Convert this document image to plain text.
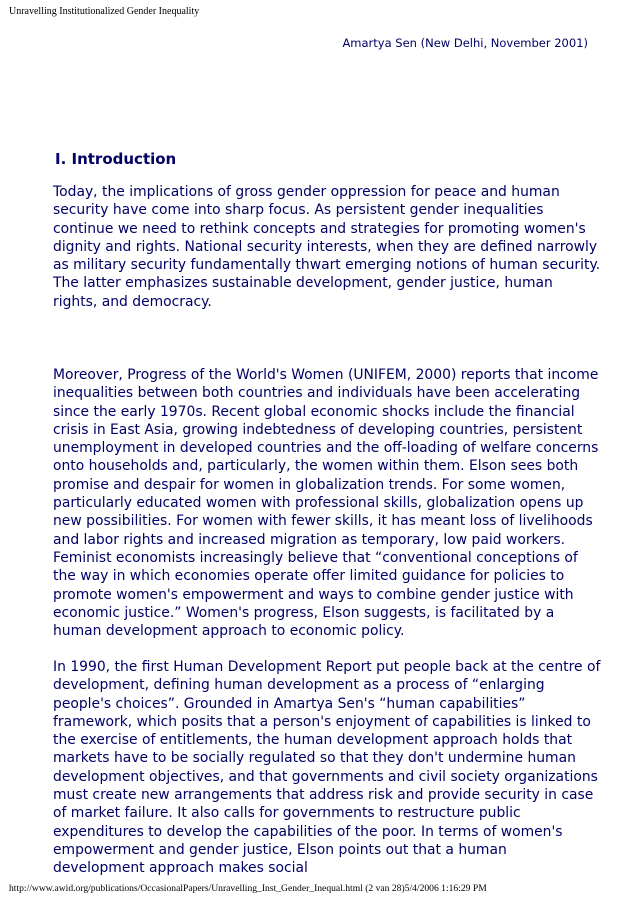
Unravelling Institutionalized Gender Inequality
Amartya Sen (New Delhi, November 2001)
I. Introduction

Today, the implications of gross gender oppression for peace and human security have come into sharp focus. As persistent gender inequalities continue we need to rethink concepts and strategies for promoting women's dignity and rights. National security interests, when they are defined narrowly as military security fundamentally thwart emerging notions of human security. The latter emphasizes sustainable development, gender justice, human rights, and democracy.

Moreover, Progress of the World's Women (UNIFEM, 2000) reports that income inequalities between both countries and individuals have been accelerating since the early 1970s. Recent global economic shocks include the financial crisis in East Asia, growing indebtedness of developing countries, persistent unemployment in developed countries and the off-loading of welfare concerns onto households and, particularly, the women within them. Elson sees both promise and despair for women in globalization trends. For some women, particularly educated women with professional skills, globalization opens up new possibilities. For women with fewer skills, it has meant loss of livelihoods and labor rights and increased migration as temporary, low paid workers. Feminist economists increasingly believe that “conventional conceptions of the way in which economies operate offer limited guidance for policies to promote women's empowerment and ways to combine gender justice with economic justice.” Women's progress, Elson suggests, is facilitated by a human development approach to economic policy.

In 1990, the first Human Development Report put people back at the centre of development, defining human development as a process of “enlarging people's choices”. Grounded in Amartya Sen's “human capabilities” framework, which posits that a person's enjoyment of capabilities is linked to the exercise of entitlements, the human development approach holds that markets have to be socially regulated so that they don't undermine human development objectives, and that governments and civil society organizations must create new arrangements that address risk and provide security in case of market failure. It also calls for governments to restructure public expenditures to develop the capabilities of the poor. In terms of women's empowerment and gender justice, Elson points out that a human development approach makes social

http://www.awid.org/publications/OccasionalPapers/Unravelling_Inst_Gender_Inequal.html (2 van 28)5/4/2006 1:16:29 PM
